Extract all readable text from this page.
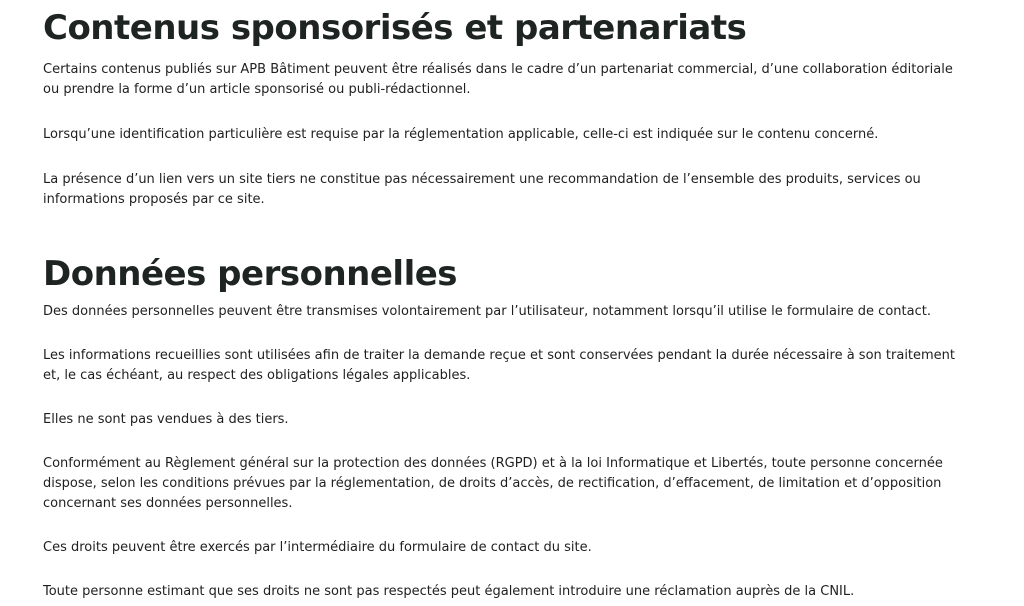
Contenus sponsorisés et partenariats

Certains contenus publiés sur APB Bâtiment peuvent être réalisés dans le cadre d’un partenariat commercial, d’une collaboration éditoriale ou prendre la forme d’un article sponsorisé ou publi-rédactionnel.

Lorsqu’une identification particulière est requise par la réglementation applicable, celle-ci est indiquée sur le contenu concerné.

La présence d’un lien vers un site tiers ne constitue pas nécessairement une recommandation de l’ensemble des produits, services ou informations proposés par ce site.

Données personnelles

Des données personnelles peuvent être transmises volontairement par l’utilisateur, notamment lorsqu’il utilise le formulaire de contact.

Les informations recueillies sont utilisées afin de traiter la demande reçue et sont conservées pendant la durée nécessaire à son traitement et, le cas échéant, au respect des obligations légales applicables.

Elles ne sont pas vendues à des tiers.

Conformément au Règlement général sur la protection des données (RGPD) et à la loi Informatique et Libertés, toute personne concernée dispose, selon les conditions prévues par la réglementation, de droits d’accès, de rectification, d’effacement, de limitation et d’opposition concernant ses données personnelles.

Ces droits peuvent être exercés par l’intermédiaire du formulaire de contact du site.

Toute personne estimant que ses droits ne sont pas respectés peut également introduire une réclamation auprès de la CNIL.
